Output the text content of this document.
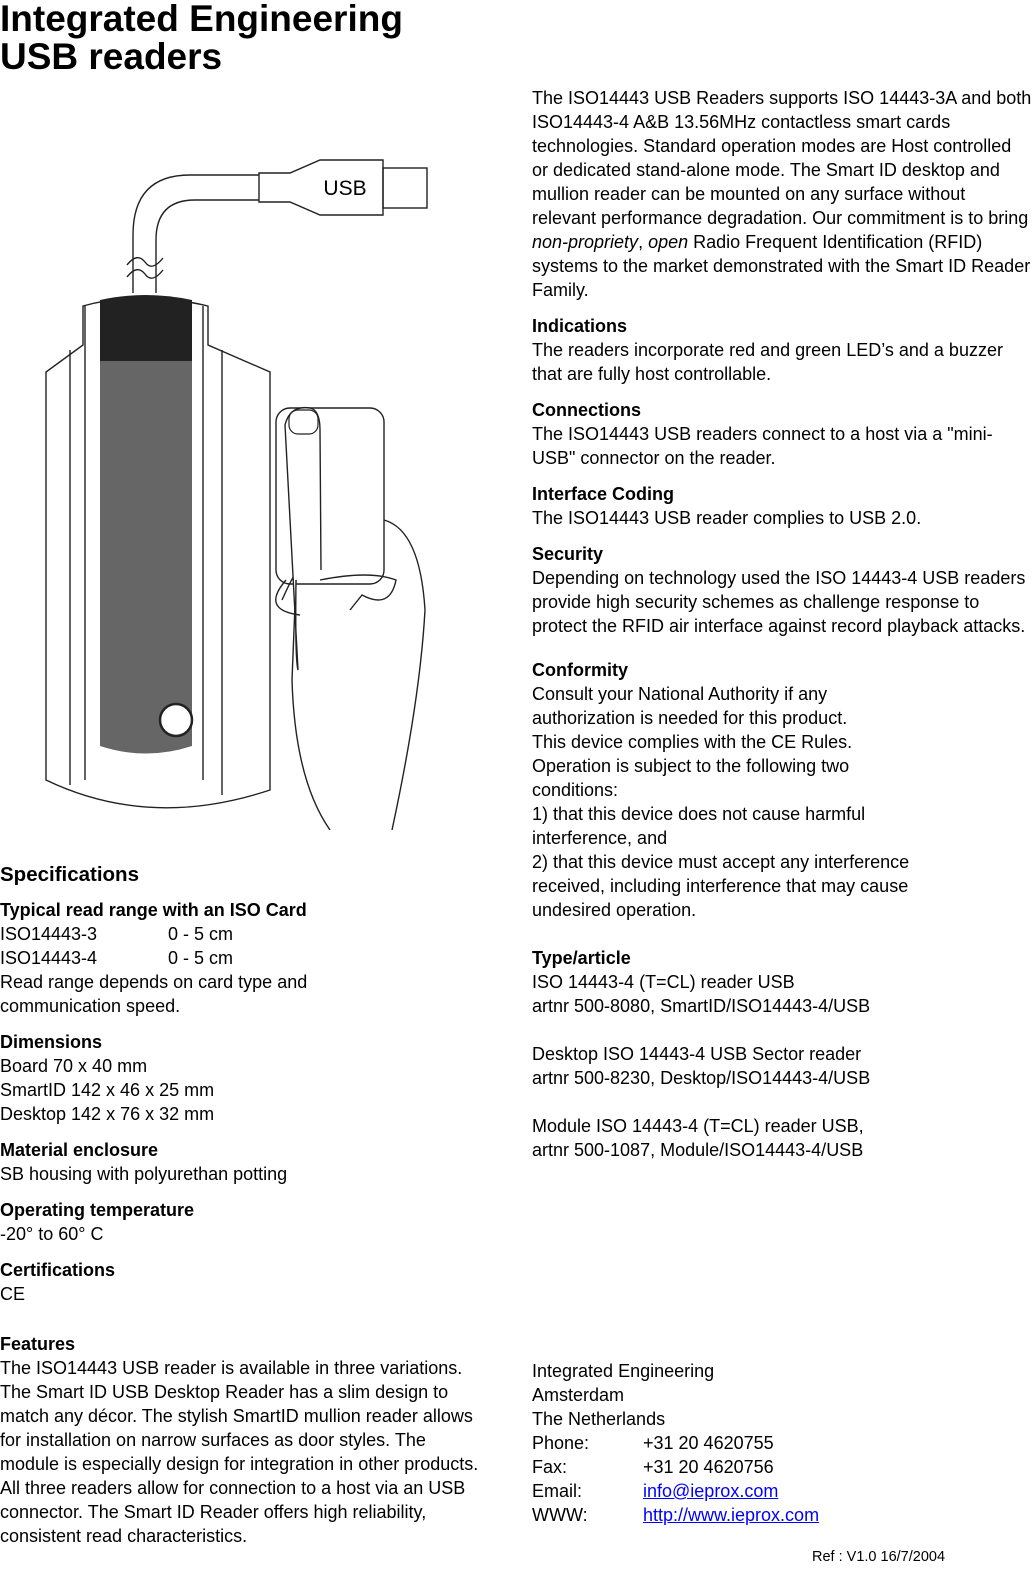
Integrated Engineering
USB readers
USB

The ISO14443 USB Readers supports ISO 14443-3A and both ISO14443-4 A&B 13.56MHz contactless smart cards technologies. Standard operation modes are Host controlled or dedicated stand-alone mode. The Smart ID desktop and mullion reader can be mounted on any surface without relevant performance degradation. Our commitment is to bring non-propriety, open Radio Frequent Identification (RFID) systems to the market demonstrated with the Smart ID Reader Family.

Indications
The readers incorporate red and green LED’s and a buzzer that are fully host controllable.
Connections
The ISO14443 USB readers connect to a host via a "mini-USB" connector on the reader.
Interface Coding
The ISO14443 USB reader complies to USB 2.0.
Security
Depending on technology used the ISO 14443-4 USB readers provide high security schemes as challenge response to protect the RFID air interface against record playback attacks.
Conformity
Consult your National Authority if any
authorization is needed for this product.
This device complies with the CE Rules.
Operation is subject to the following two
conditions:
1) that this device does not cause harmful
interference, and
2) that this device must accept any interference
received, including interference that may cause
undesired operation.
Type/article
ISO 14443-4 (T=CL) reader USB
artnr 500-8080, SmartID/ISO14443-4/USB
Desktop ISO 14443-4 USB Sector reader
artnr 500-8230, Desktop/ISO14443-4/USB
Module ISO 14443-4 (T=CL) reader USB,
artnr 500-1087, Module/ISO14443-4/USB
Specifications
Typical read range with an ISO Card
ISO14443-3	0 - 5 cm
ISO14443-4	0 - 5 cm
Read range depends on card type and communication speed.
Dimensions
Board 70 x 40 mm
SmartID 142 x 46 x 25 mm
Desktop 142 x 76 x 32 mm
Material enclosure
SB housing with polyurethan potting
Operating temperature
-20° to 60° C
Certifications
CE
Features
The ISO14443 USB reader is available in three variations. The Smart ID USB Desktop Reader has a slim design to match any décor. The stylish SmartID mullion reader allows for installation on narrow surfaces as door styles. The module is especially design for integration in other products.
All three readers allow for connection to a host via an USB connector. The Smart ID Reader offers high reliability, consistent read characteristics.
Integrated Engineering
Amsterdam
The Netherlands
Phone:	+31 20 4620755
Fax:	+31 20 4620756
Email:	info@ieprox.com
WWW:	http://www.ieprox.com
Ref : V1.0 16/7/2004
